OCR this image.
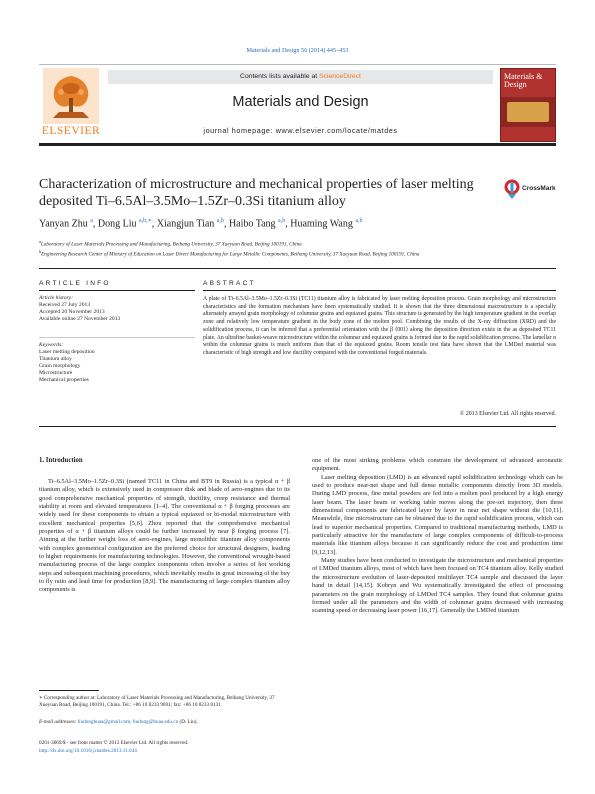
Materials and Design 56 (2014) 445–453
ELSEVIER
Contents lists available at ScienceDirect
Materials and Design
journal homepage: www.elsevier.com/locate/matdes
Materials & Design
Characterization of microstructure and mechanical properties of laser melting deposited Ti–6.5Al–3.5Mo–1.5Zr–0.3Si titanium alloy
CrossMark
Yanyan Zhu $^a$, Dong Liu $^{a,b,∗}$, Xiangjun Tian $^{a,b}$, Haibo Tang $^{a,b}$, Huaming Wang $^{a,b}$
$^a$Laboratory of Laser Materials Processing and Manufacturing, Beihang University, 37 Xueyuan Road, Beijing 100191, China
$^b$Engineering Research Center of Ministry of Education on Laser Direct Manufacturing for Large Metallic Components, Beihang University, 37 Xueyuan Road, Beijing 100191, China
ARTICLE INFO	ABSTRACT
Article history:
Received 27 July 2013
Accepted 20 November 2013
Available online 27 November 2013
Keywords:
Laser melting deposition
Titanium alloy
Grain morphology
Microstructure
Mechanical properties
A plate of Ti–6.5Al–3.5Mo–1.5Zr–0.3Si (TC11) titanium alloy is fabricated by laser melting deposition process. Grain morphology and microstructure characteristics and the formation mechanism have been systematically studied. It is shown that the three dimensional macrostructure is a specially alternately arrayed grain morphology of columnar grains and equiaxed grains. This structure is generated by the high temperature gradient in the overlap zone and relatively low temperature gradient in the body zone of the molten pool. Combining the results of the X-ray diffraction (XRD) and the solidification process, it can be inferred that a preferential orientation with the β ⟨001⟩ along the deposition direction exists in the as deposited TC11 plate. An ultrafine basket-weave microstructure within the columnar and equiaxed grains is formed due to the rapid solidification process. The lamellar α within the columnar grains is much uniform than that of the equiaxed grains. Room tensile test data have shown that the LMDed material was characteristic of high strength and low ductility compared with the conventional forged materials.
© 2013 Elsevier Ltd. All rights reserved.
1. Introduction

Ti–6.5Al–3.5Mo–1.5Zr–0.3Si (named TC11 in China and BT9 in Russia) is a typical α + β titanium alloy, which is extensively used in compressor disk and blade of aero-engines due to its good comprehensive mechanical properties of strength, ductility, creep resistance and thermal stability at room and elevated temperatures [1–4]. The conventional α + β forging processes are widely used for these components to obtain a typical equiaxed or bi-modal microstructure with excellent mechanical properties [5,6]. Zhou reported that the comprehensive mechanical properties of α + β titanium alloys could be further increased by near β forging process [7]. Aiming at the further weight loss of aero-engines, large monolithic titanium alloy components with complex geometrical configuration are the preferred choice for structural designers, leading to higher requirements for manufacturing technologies. However, the conventional wrought-based manufacturing process of the large complex components often involve a series of hot working steps and subsequent machining procedures, which inevitably results in great increasing of the buy to fly ratio and lead time for production [8,9]. The manufacturing of large complex titanium alloy components is

one of the most striking problems which constrain the development of advanced aeronautic equipment.

Laser melting deposition (LMD) is an advanced rapid solidification technology which can be used to produce near-net shape and full dense metallic components directly from 3D models. During LMD process, fine metal powders are fed into a molten pool produced by a high energy laser beam. The laser beam or working table moves along the pre-set trajectory, then three dimensional components are fabricated layer by layer in near net shape without die [10,11]. Meanwhile, fine microstructure can be obtained due to the rapid solidification process, which can lead to superior mechanical properties. Compared to traditional manufacturing methods, LMD is particularly attractive for the manufacture of large complex components of difficult-to-process materials like titanium alloys because it can significantly reduce the cost and production time [9,12,13].

Many studies have been conducted to investigate the microstructure and mechanical properties of LMDed titanium alloys, most of which have been focused on TC4 titanium alloy. Kelly studied the microstructure evolution of laser-deposited multilayer TC4 sample and discussed the layer band in detail [14,15]. Kobryn and Wu systematically investigated the effect of processing parameters on the grain morphology of LMDed TC4 samples. They found that columnar grains formed under all the parameters and the width of columnar grains decreased with increasing scanning speed or decreasing laser power [16,17]. Generally the LMDed titanium

∗ Corresponding author at: Laboratory of Laser Materials Processing and Manufacturing, Beihang University, 37 Xueyuan Road, Beijing 100191, China. Tel.: +86 10 8233 9691; fax: +86 10 8233 8131.
E-mail addresses: liudongbuaa@gmail.com, liudong@buaa.edu.cn (D. Liu).
0261-3069/$ - see front matter © 2013 Elsevier Ltd. All rights reserved.
http://dx.doi.org/10.1016/j.matdes.2013.11.044
